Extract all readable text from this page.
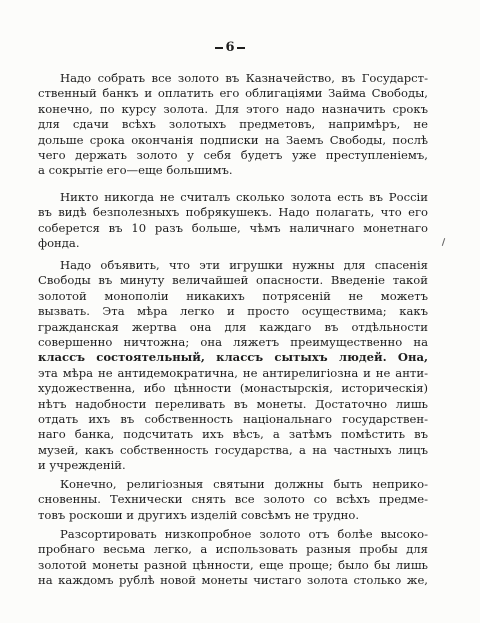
6
Надо собрать все золото въ Казначейство, въ Государст-
ственный банкъ и оплатить его облигаціями Займа Свободы,
конечно, по курсу золота. Для этого надо назначить срокъ
для сдачи всѣхъ золотыхъ предметовъ, напримѣръ, не
дольше срока окончанія подписки на Заемъ Свободы, послѣ
чего держать золото у себя будетъ уже преступленіемъ,
а сокрытіе его—еще большимъ.
Никто никогда не считалъ сколько золота есть въ Россіи
въ видѣ безполезныхъ побрякушекъ. Надо полагать, что его
соберется въ 10 разъ больше, чѣмъ наличнаго монетнаго
фонда.
Надо объявить, что эти игрушки нужны для спасенія
Свободы въ минуту величайшей опасности. Введеніе такой
золотой монополіи никакихъ потрясеній не можетъ
вызвать. Эта мѣра легко и просто осуществима; какъ
гражданская жертва она для каждаго въ отдѣльности
совершенно ничтожна; она ляжетъ преимущественно на
классъ состоятельный, классъ сытыхъ людей. Она,
эта мѣра не антидемократична, не антирелигіозна и не анти-
художественна, ибо цѣнности (монастырскія, историческія)
нѣтъ надобности переливать въ монеты. Достаточно лишь
отдать ихъ въ собственность національнаго государствен-
наго банка, подсчитать ихъ вѣсъ, а затѣмъ помѣстить въ
музей, какъ собственность государства, а на частныхъ лицъ
и учрежденій.
Конечно, религіозныя святыни должны быть неприко-
сновенны. Технически снять все золото со всѣхъ предме-
товъ роскоши и другихъ изделій совсѣмъ не трудно.
Разсортировать низкопробное золото отъ болѣе высоко-
пробнаго весьма легко, а использовать разныя пробы для
золотой монеты разной цѣнности, еще проще; было бы лишь
на каждомъ рублѣ новой монеты чистаго золота столько же,
